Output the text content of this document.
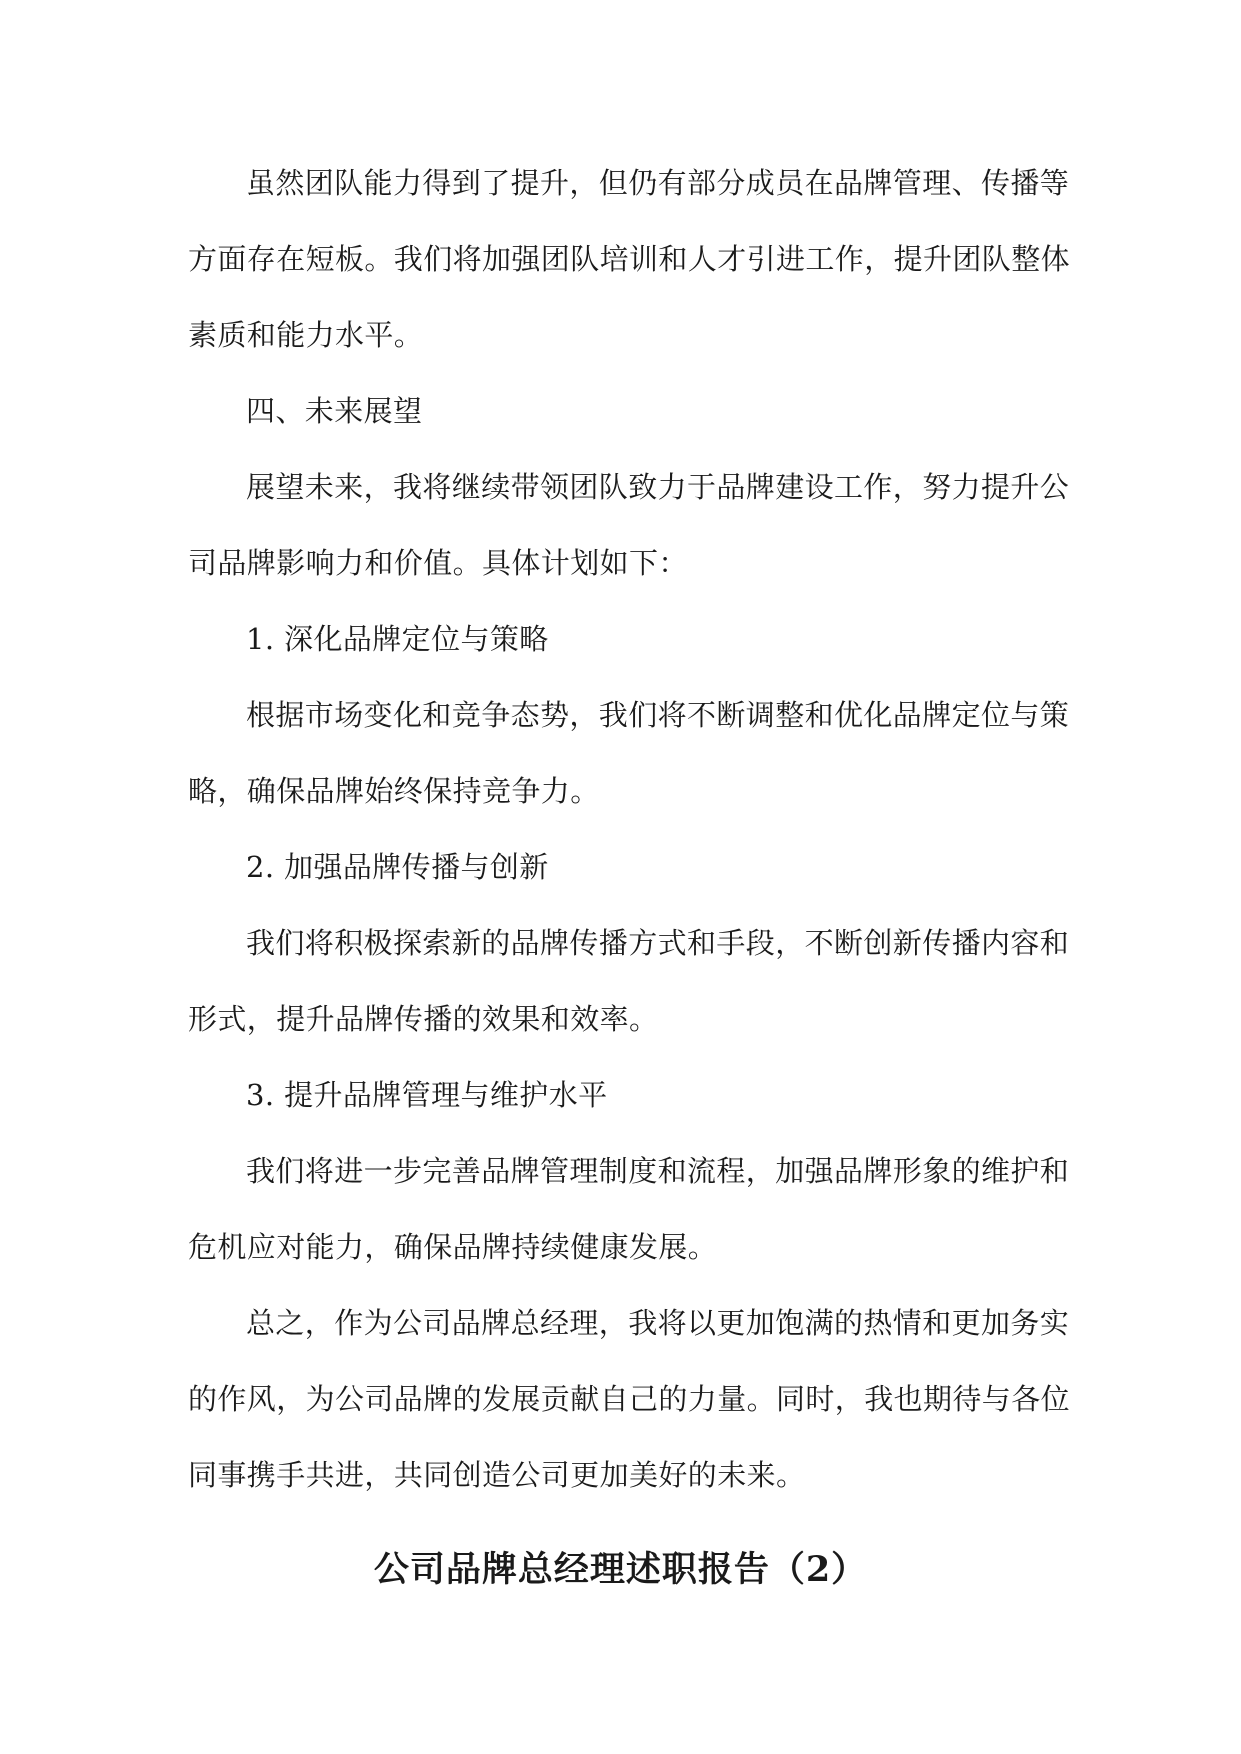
虽然团队能力得到了提升，但仍有部分成员在品牌管理、传播等
方面存在短板。我们将加强团队培训和人才引进工作，提升团队整体
素质和能力水平。
四、未来展望
展望未来，我将继续带领团队致力于品牌建设工作，努力提升公
司品牌影响力和价值。具体计划如下：
1. 深化品牌定位与策略
根据市场变化和竞争态势，我们将不断调整和优化品牌定位与策
略，确保品牌始终保持竞争力。
2. 加强品牌传播与创新
我们将积极探索新的品牌传播方式和手段，不断创新传播内容和
形式，提升品牌传播的效果和效率。
3. 提升品牌管理与维护水平
我们将进一步完善品牌管理制度和流程，加强品牌形象的维护和
危机应对能力，确保品牌持续健康发展。
总之，作为公司品牌总经理，我将以更加饱满的热情和更加务实
的作风，为公司品牌的发展贡献自己的力量。同时，我也期待与各位
同事携手共进，共同创造公司更加美好的未来。
公司品牌总经理述职报告（2）
